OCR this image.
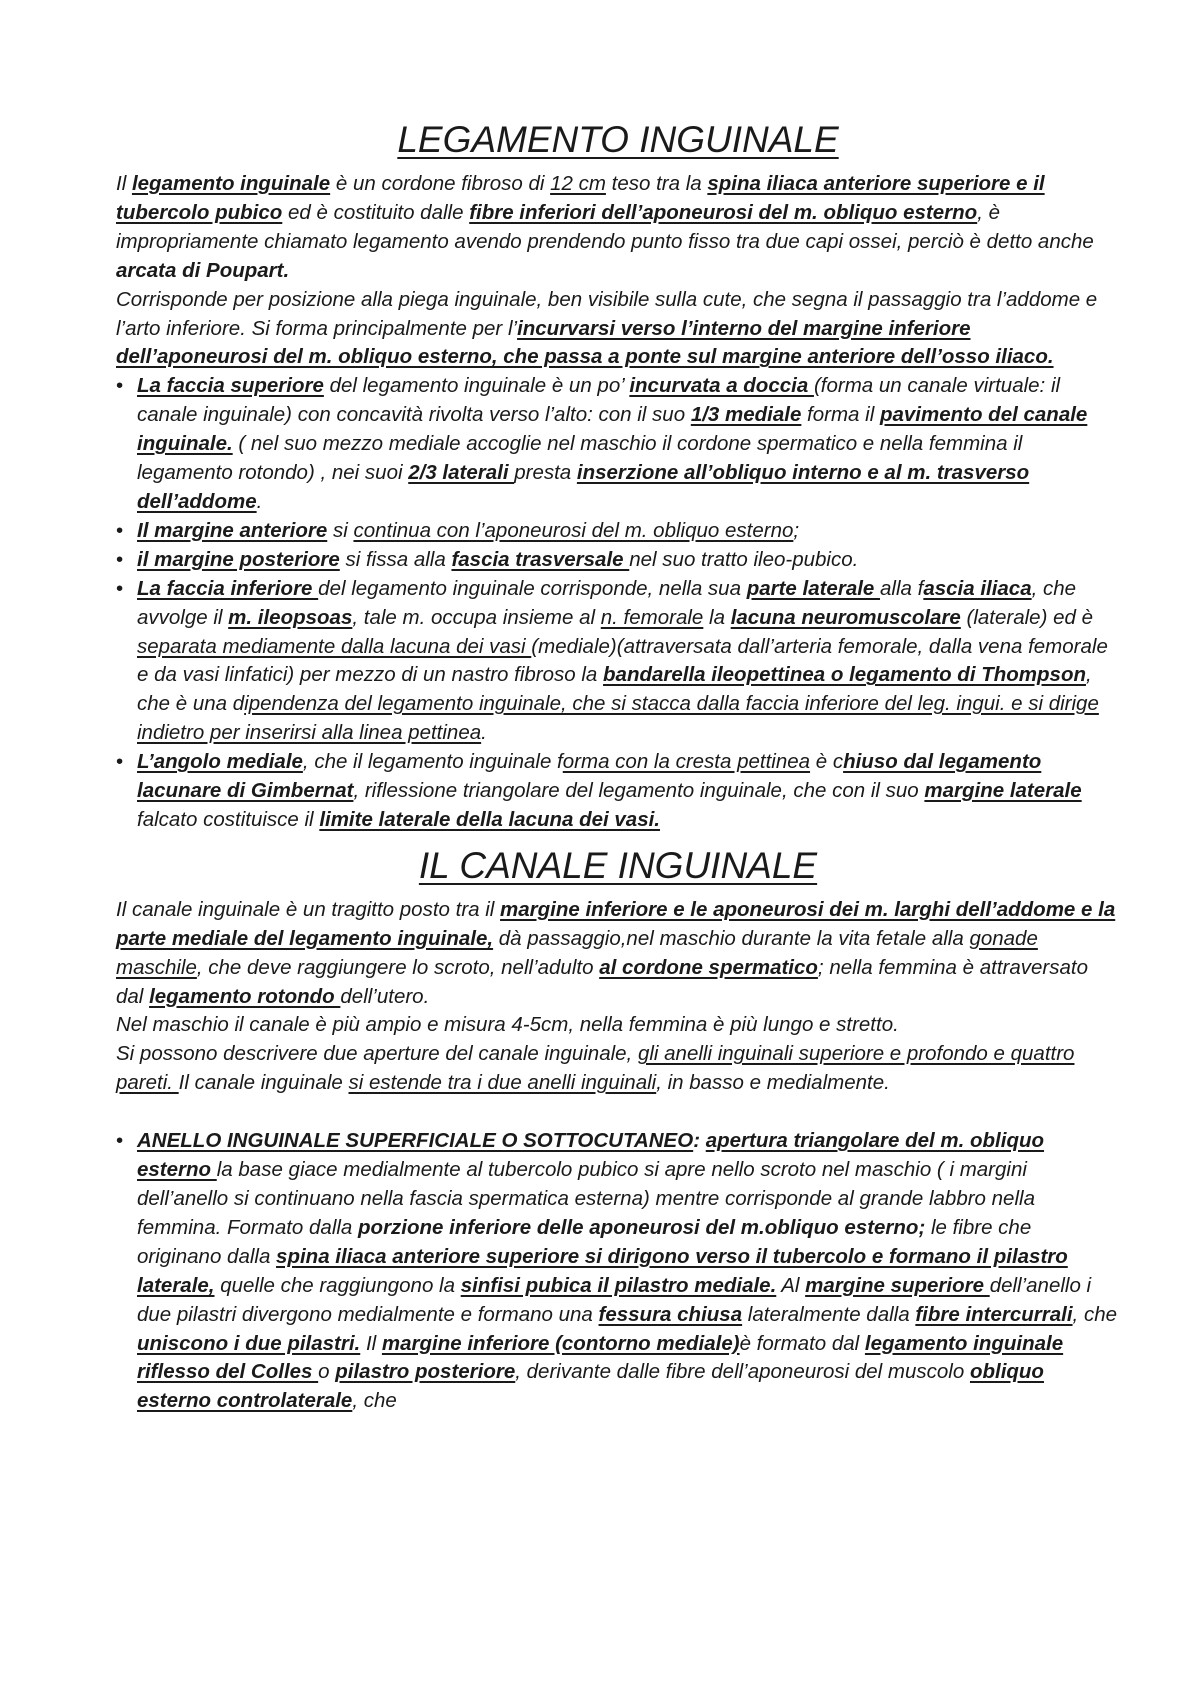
LEGAMENTO INGUINALE

Il legamento inguinale è un cordone fibroso di 12 cm teso tra la spina iliaca anteriore superiore e il tubercolo pubico ed è costituito dalle fibre inferiori dell’aponeurosi del m. obliquo esterno, è impropriamente chiamato legamento avendo prendendo punto fisso tra due capi ossei, perciò è detto anche arcata di Poupart.

Corrisponde per posizione alla piega inguinale, ben visibile sulla cute, che segna il passaggio tra l’addome e l’arto inferiore. Si forma principalmente per l’incurvarsi verso l’interno del margine inferiore dell’aponeurosi del m. obliquo esterno, che passa a ponte sul margine anteriore dell’osso iliaco.

• La faccia superiore del legamento inguinale è un po’ incurvata a doccia (forma un canale virtuale: il canale inguinale) con concavità rivolta verso l’alto: con il suo 1/3 mediale forma il pavimento del canale inguinale. ( nel suo mezzo mediale accoglie nel maschio il cordone spermatico e nella femmina il legamento rotondo) , nei suoi 2/3 laterali presta inserzione all’obliquo interno e al m. trasverso dell’addome.
• Il margine anteriore si continua con l’aponeurosi del m. obliquo esterno;
• il margine posteriore si fissa alla fascia trasversale nel suo tratto ileo-pubico.
• La faccia inferiore del legamento inguinale corrisponde, nella sua parte laterale alla fascia iliaca, che avvolge il m. ileopsoas, tale m. occupa insieme al n. femorale la lacuna neuromuscolare (laterale) ed è separata mediamente dalla lacuna dei vasi (mediale)(attraversata dall’arteria femorale, dalla vena femorale e da vasi linfatici) per mezzo di un nastro fibroso la bandarella ileopettinea o legamento di Thompson, che è una dipendenza del legamento inguinale, che si stacca dalla faccia inferiore del leg. ingui. e si dirige indietro per inserirsi alla linea pettinea.
• L’angolo mediale, che il legamento inguinale forma con la cresta pettinea è chiuso dal legamento lacunare di Gimbernat, riflessione triangolare del legamento inguinale, che con il suo margine laterale falcato costituisce il limite laterale della lacuna dei vasi.
IL CANALE INGUINALE

Il canale inguinale è un tragitto posto tra il margine inferiore e le aponeurosi dei m. larghi dell’addome e la parte mediale del legamento inguinale, dà passaggio,nel maschio durante la vita fetale alla gonade maschile, che deve raggiungere lo scroto, nell’adulto al cordone spermatico; nella femmina è attraversato dal legamento rotondo dell’utero.

Nel maschio il canale è più ampio e misura 4-5cm, nella femmina è più lungo e stretto.

Si possono descrivere due aperture del canale inguinale, gli anelli inguinali superiore e profondo e quattro pareti. Il canale inguinale si estende tra i due anelli inguinali, in basso e medialmente.

• ANELLO INGUINALE SUPERFICIALE O SOTTOCUTANEO: apertura triangolare del m. obliquo esterno la base giace medialmente al tubercolo pubico si apre nello scroto nel maschio ( i margini dell’anello si continuano nella fascia spermatica esterna) mentre corrisponde al grande labbro nella femmina. Formato dalla porzione inferiore delle aponeurosi del m.obliquo esterno; le fibre che originano dalla spina iliaca anteriore superiore si dirigono verso il tubercolo e formano il pilastro laterale, quelle che raggiungono la sinfisi pubica il pilastro mediale. Al margine superiore dell’anello i due pilastri divergono medialmente e formano una fessura chiusa lateralmente dalla fibre intercurrali, che uniscono i due pilastri. Il margine inferiore (contorno mediale)è formato dal legamento inguinale riflesso del Colles o pilastro posteriore, derivante dalle fibre dell’aponeurosi del muscolo obliquo esterno controlaterale, che
